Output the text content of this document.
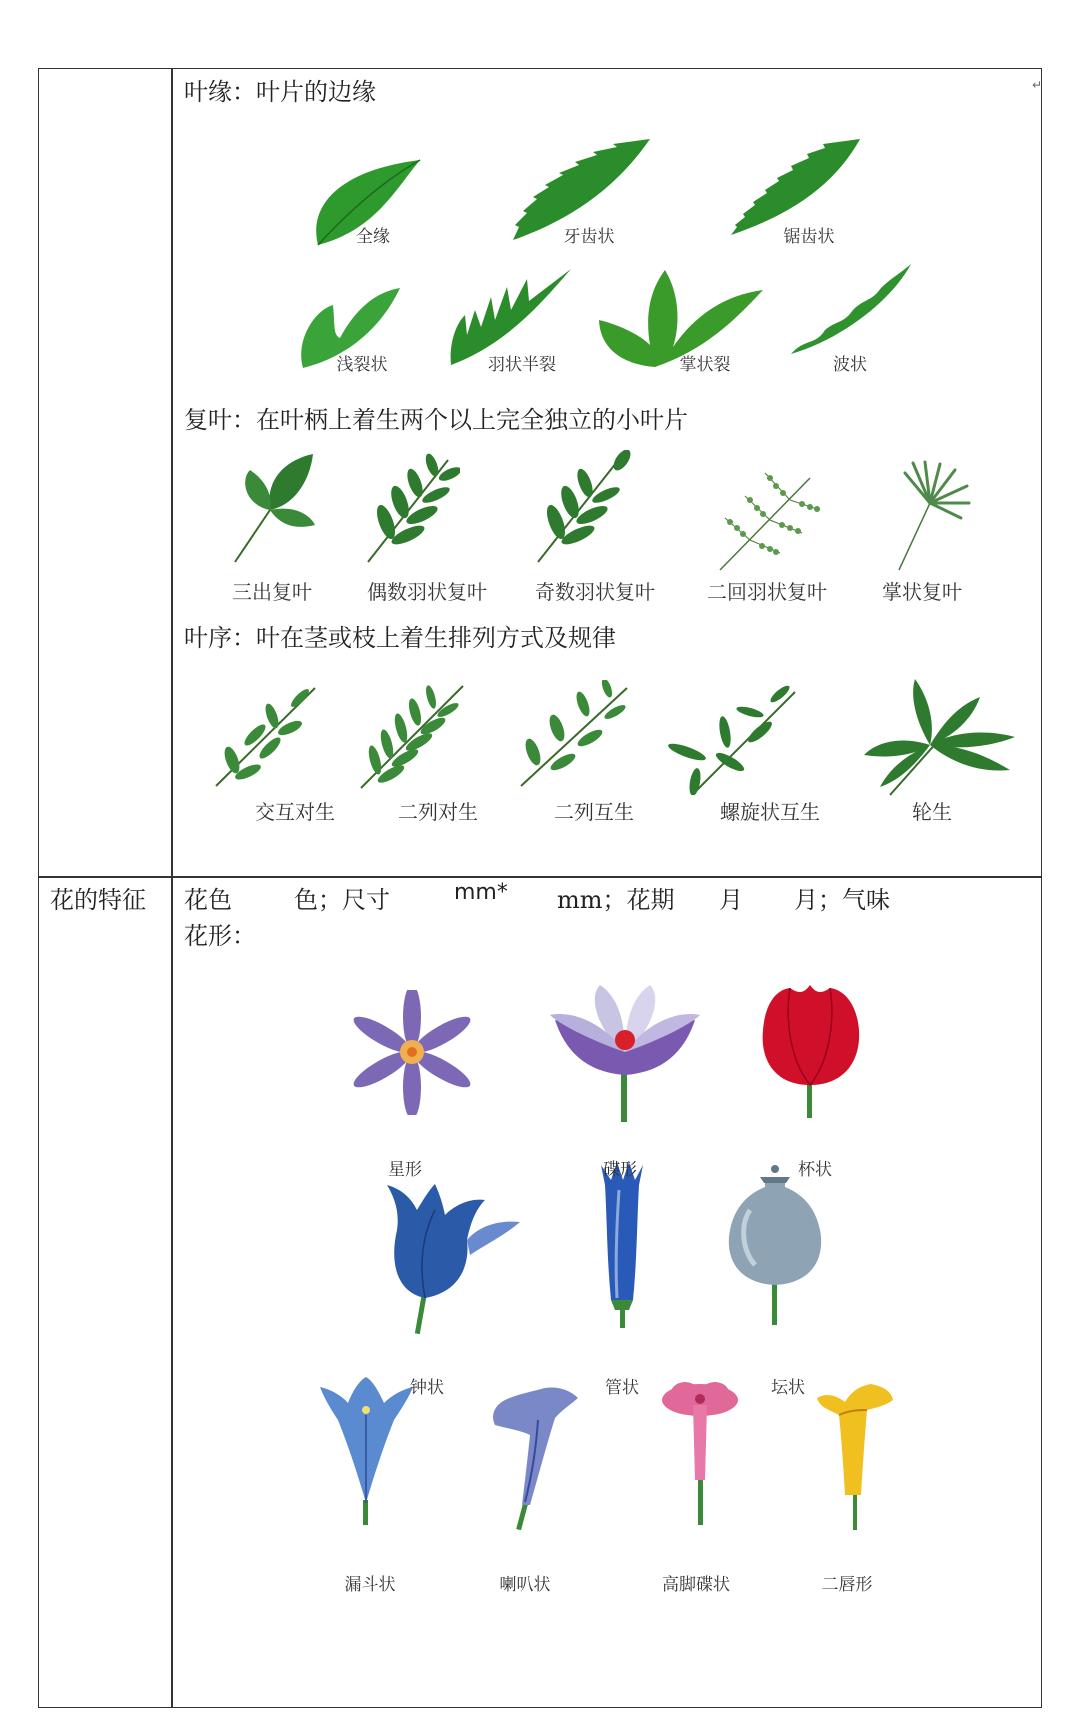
↵
叶缘：叶片的边缘
全缘	牙齿状	锯齿状
浅裂状	羽状半裂	掌状裂	波状
复叶：在叶柄上着生两个以上完全独立的小叶片
三出复叶	偶数羽状复叶 奇数羽状复叶	二回羽状复叶	掌状复叶
叶序：叶在茎或枝上着生排列方式及规律
交互对生	二列对生	二列互生	螺旋状互生	轮生
花的特征 花色	色；尺寸	mm* mm；花期 月 月；气味
花形：
星形	碟形	杯状
钟状	管状	坛状
漏斗状	喇叭状	高脚碟状	二唇形
